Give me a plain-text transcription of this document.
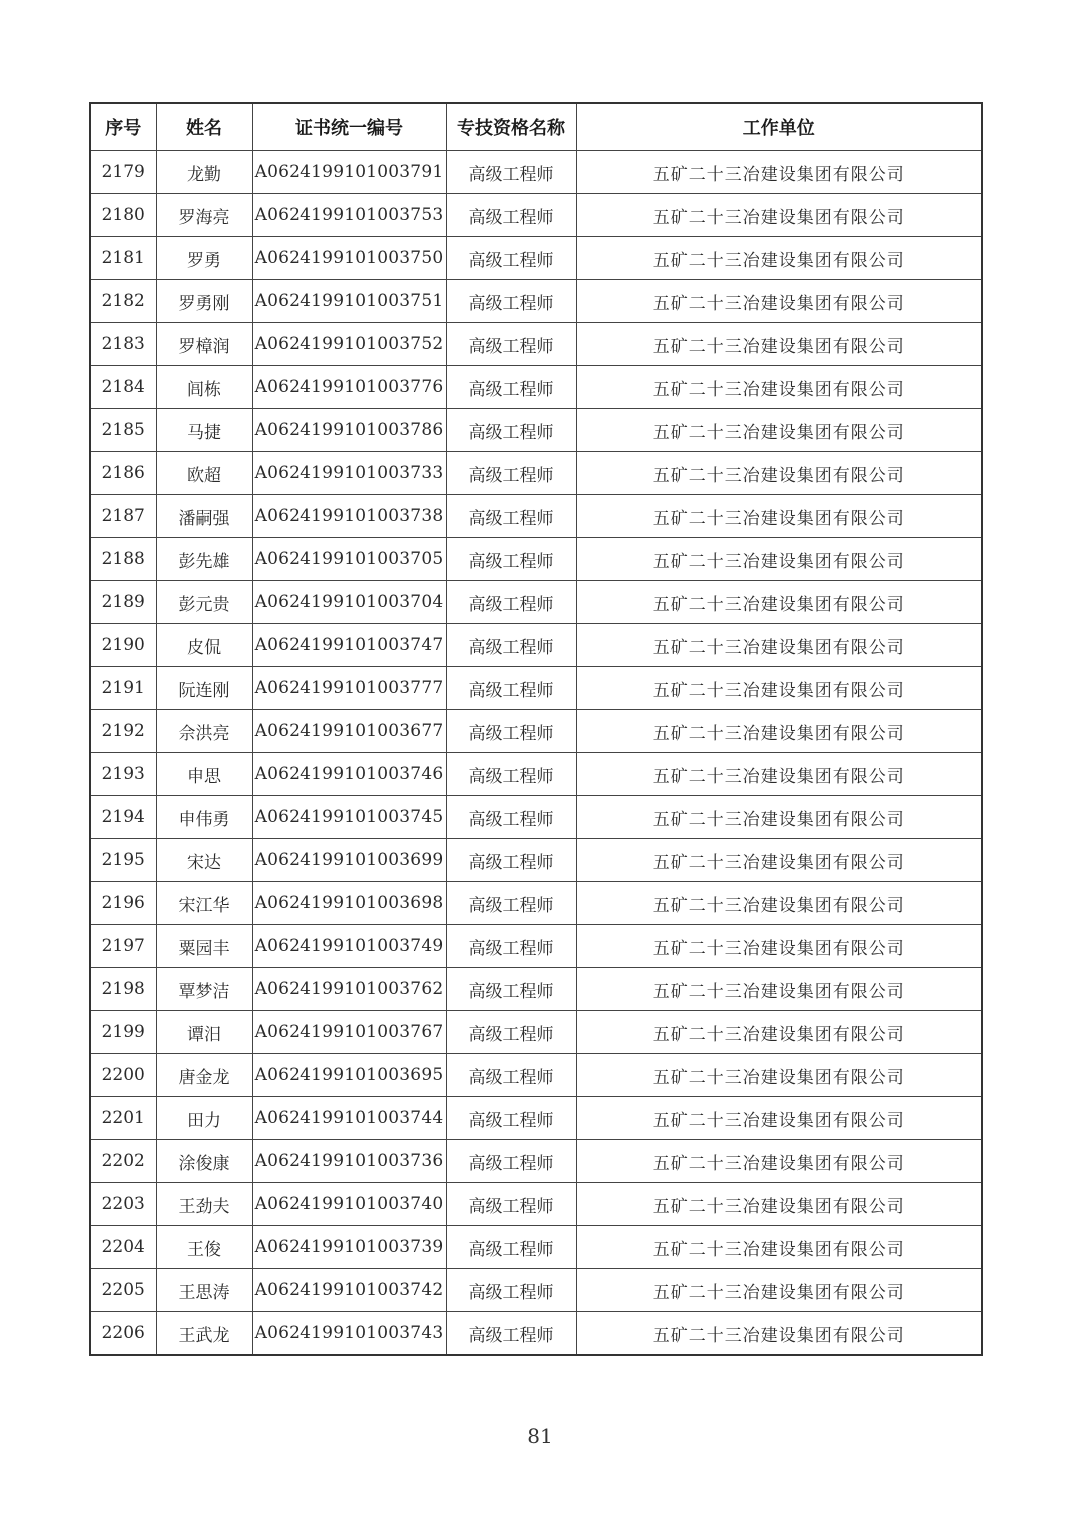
序号	姓名	证书统一编号	专技资格名称	工作单位
2179	龙勤	A0624199101003791	高级工程师	五矿二十三冶建设集团有限公司
2180	罗海亮	A0624199101003753	高级工程师	五矿二十三冶建设集团有限公司
2181	罗勇	A0624199101003750	高级工程师	五矿二十三冶建设集团有限公司
2182	罗勇刚	A0624199101003751	高级工程师	五矿二十三冶建设集团有限公司
2183	罗樟润	A0624199101003752	高级工程师	五矿二十三冶建设集团有限公司
2184	闾栋	A0624199101003776	高级工程师	五矿二十三冶建设集团有限公司
2185	马捷	A0624199101003786	高级工程师	五矿二十三冶建设集团有限公司
2186	欧超	A0624199101003733	高级工程师	五矿二十三冶建设集团有限公司
2187	潘嗣强	A0624199101003738	高级工程师	五矿二十三冶建设集团有限公司
2188	彭先雄	A0624199101003705	高级工程师	五矿二十三冶建设集团有限公司
2189	彭元贵	A0624199101003704	高级工程师	五矿二十三冶建设集团有限公司
2190	皮侃	A0624199101003747	高级工程师	五矿二十三冶建设集团有限公司
2191	阮连刚	A0624199101003777	高级工程师	五矿二十三冶建设集团有限公司
2192	佘洪亮	A0624199101003677	高级工程师	五矿二十三冶建设集团有限公司
2193	申思	A0624199101003746	高级工程师	五矿二十三冶建设集团有限公司
2194	申伟勇	A0624199101003745	高级工程师	五矿二十三冶建设集团有限公司
2195	宋达	A0624199101003699	高级工程师	五矿二十三冶建设集团有限公司
2196	宋江华	A0624199101003698	高级工程师	五矿二十三冶建设集团有限公司
2197	粟园丰	A0624199101003749	高级工程师	五矿二十三冶建设集团有限公司
2198	覃梦洁	A0624199101003762	高级工程师	五矿二十三冶建设集团有限公司
2199	谭汨	A0624199101003767	高级工程师	五矿二十三冶建设集团有限公司
2200	唐金龙	A0624199101003695	高级工程师	五矿二十三冶建设集团有限公司
2201	田力	A0624199101003744	高级工程师	五矿二十三冶建设集团有限公司
2202	涂俊康	A0624199101003736	高级工程师	五矿二十三冶建设集团有限公司
2203	王劲夫	A0624199101003740	高级工程师	五矿二十三冶建设集团有限公司
2204	王俊	A0624199101003739	高级工程师	五矿二十三冶建设集团有限公司
2205	王思涛	A0624199101003742	高级工程师	五矿二十三冶建设集团有限公司
2206	王武龙	A0624199101003743	高级工程师	五矿二十三冶建设集团有限公司
81
